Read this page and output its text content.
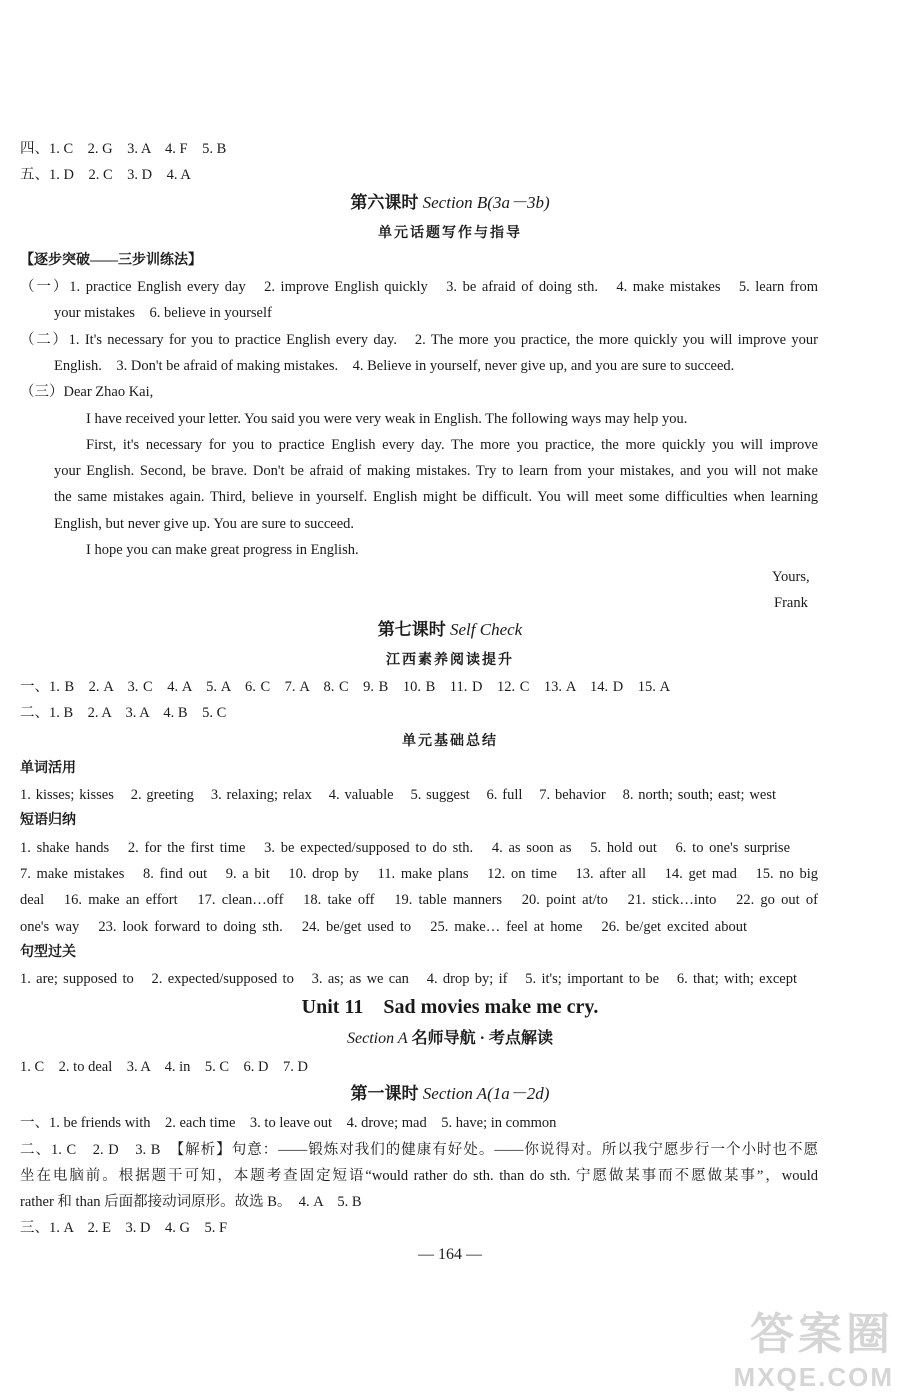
四、1. C　2. G　3. A　4. F　5. B
五、1. D　2. C　3. D　4. A
第六课时 Section B(3a－3b)
单元话题写作与指导
【逐步突破——三步训练法】
（一）1. practice English every day　2. improve English quickly　3. be afraid of doing sth.　4. make mistakes　5. learn from
your mistakes　6. believe in yourself
（二）1. It's necessary for you to practice English every day.　2. The more you practice, the more quickly you will improve your
English.　3. Don't be afraid of making mistakes.　4. Believe in yourself, never give up, and you are sure to succeed.
（三）Dear Zhao Kai,
I have received your letter. You said you were very weak in English. The following ways may help you.
First, it's necessary for you to practice English every day. The more you practice, the more quickly you will improve
your English. Second, be brave. Don't be afraid of making mistakes. Try to learn from your mistakes, and you will not make
the same mistakes again. Third, believe in yourself. English might be difficult. You will meet some difficulties when learning
English, but never give up. You are sure to succeed.
I hope you can make great progress in English.
Yours,
Frank
第七课时 Self Check
江西素养阅读提升
一、1. B　2. A　3. C　4. A　5. A　6. C　7. A　8. C　9. B　10. B　11. D　12. C　13. A　14. D　15. A
二、1. B　2. A　3. A　4. B　5. C
单元基础总结
单词活用
1. kisses; kisses　2. greeting　3. relaxing; relax　4. valuable　5. suggest　6. full　7. behavior　8. north; south; east; west
短语归纳
1. shake hands　2. for the first time　3. be expected/supposed to do sth.　4. as soon as　5. hold out　6. to one's surprise
7. make mistakes　8. find out　9. a bit　10. drop by　11. make plans　12. on time　13. after all　14. get mad　15. no big
deal　16. make an effort　17. clean…off　18. take off　19. table manners　20. point at/to　21. stick…into　22. go out of
one's way　23. look forward to doing sth.　24. be/get used to　25. make… feel at home　26. be/get excited about
句型过关
1. are; supposed to　2. expected/supposed to　3. as; as we can　4. drop by; if　5. it's; important to be　6. that; with; except
Unit 11　Sad movies make me cry.
Section A 名师导航 · 考点解读
1. C　2. to deal　3. A　4. in　5. C　6. D　7. D
第一课时 Section A(1a－2d)
一、1. be friends with　2. each time　3. to leave out　4. drove; mad　5. have; in common
二、1. C　2. D　3. B　【解析】句意：——锻炼对我们的健康有好处。——你说得对。所以我宁愿步行一个小时也不愿
坐在电脑前。根据题干可知，本题考查固定短语“would rather do sth. than do sth. 宁愿做某事而不愿做某事”，would
rather 和 than 后面都接动词原形。故选 B。　4. A　5. B
三、1. A　2. E　3. D　4. G　5. F
— 164 —
答案圈
MXQE.COM
